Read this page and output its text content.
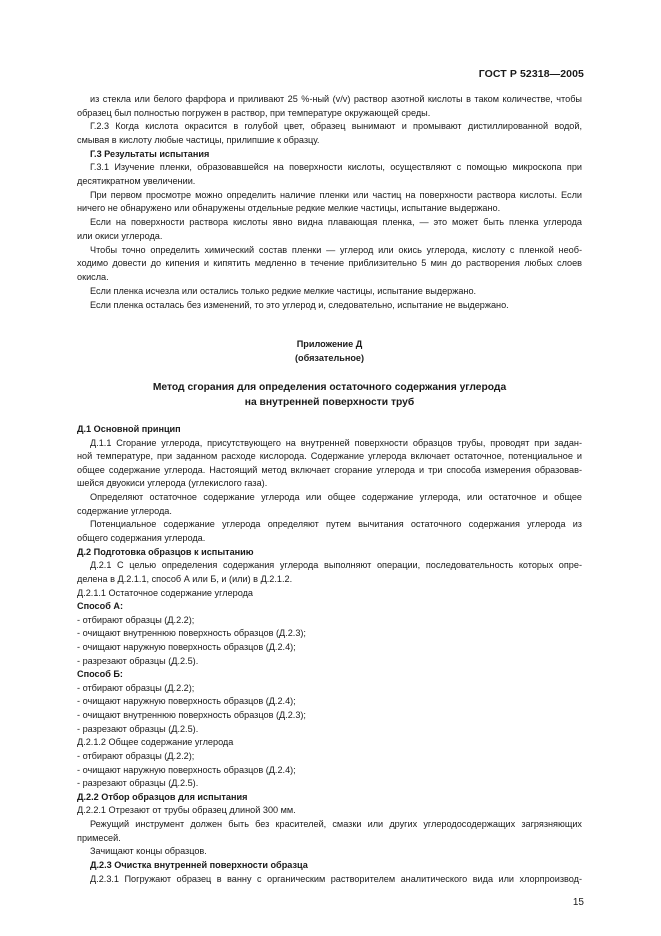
ГОСТ Р 52318—2005
из стекла или белого фарфора и приливают 25 %-ный (v/v) раствор азотной кислоты в таком количестве, чтобы
образец был полностью погружен в раствор, при температуре окружающей среды.
Г.2.3 Когда кислота окрасится в голубой цвет, образец вынимают и промывают дистиллированной водой,
смывая в кислоту любые частицы, прилипшие к образцу.
Г.3 Результаты испытания
Г.3.1 Изучение пленки, образовавшейся на поверхности кислоты, осуществляют с помощью микроскопа при
десятикратном увеличении.
При первом просмотре можно определить наличие пленки или частиц на поверхности раствора кислоты. Если
ничего не обнаружено или обнаружены отдельные редкие мелкие частицы, испытание выдержано.
Если на поверхности раствора кислоты явно видна плавающая пленка, — это может быть пленка углерода
или окиси углерода.
Чтобы точно определить химический состав пленки — углерод или окись углерода, кислоту с пленкой необ-
ходимо довести до кипения и кипятить медленно в течение приблизительно 5 мин до растворения любых слоев
окисла.
Если пленка исчезла или остались только редкие мелкие частицы, испытание выдержано.
Если пленка осталась без изменений, то это углерод и, следовательно, испытание не выдержано.
Приложение Д
(обязательное)
Метод сгорания для определения остаточного содержания углерода
на внутренней поверхности труб
Д.1 Основной принцип
Д.1.1 Сгорание углерода, присутствующего на внутренней поверхности образцов трубы, проводят при задан-
ной температуре, при заданном расходе кислорода. Содержание углерода включает остаточное, потенциальное и
общее содержание углерода. Настоящий метод включает сгорание углерода и три способа измерения образовав-
шейся двуокиси углерода (углекислого газа).
Определяют остаточное содержание углерода или общее содержание углерода, или остаточное и общее
содержание углерода.
Потенциальное содержание углерода определяют путем вычитания остаточного содержания углерода из
общего содержания углерода.
Д.2 Подготовка образцов к испытанию
Д.2.1 С целью определения содержания углерода выполняют операции, последовательность которых опре-
делена в Д.2.1.1, способ А или Б, и (или) в Д.2.1.2.
Д.2.1.1 Остаточное содержание углерода
Способ А:
- отбирают образцы (Д.2.2);
- очищают внутреннюю поверхность образцов (Д.2.3);
- очищают наружную поверхность образцов (Д.2.4);
- разрезают образцы (Д.2.5).
Способ Б:
- отбирают образцы (Д.2.2);
- очищают наружную поверхность образцов (Д.2.4);
- очищают внутреннюю поверхность образцов (Д.2.3);
- разрезают образцы (Д.2.5).
Д.2.1.2 Общее содержание углерода
- отбирают образцы (Д.2.2);
- очищают наружную поверхность образцов (Д.2.4);
- разрезают образцы (Д.2.5).
Д.2.2 Отбор образцов для испытания
Д.2.2.1 Отрезают от трубы образец длиной 300 мм.
Режущий инструмент должен быть без красителей, смазки или других углеродосодержащих загрязняющих
примесей.
Зачищают концы образцов.
Д.2.3 Очистка внутренней поверхности образца
Д.2.3.1 Погружают образец в ванну с органическим растворителем аналитического вида или хлорпроизвод-
15
